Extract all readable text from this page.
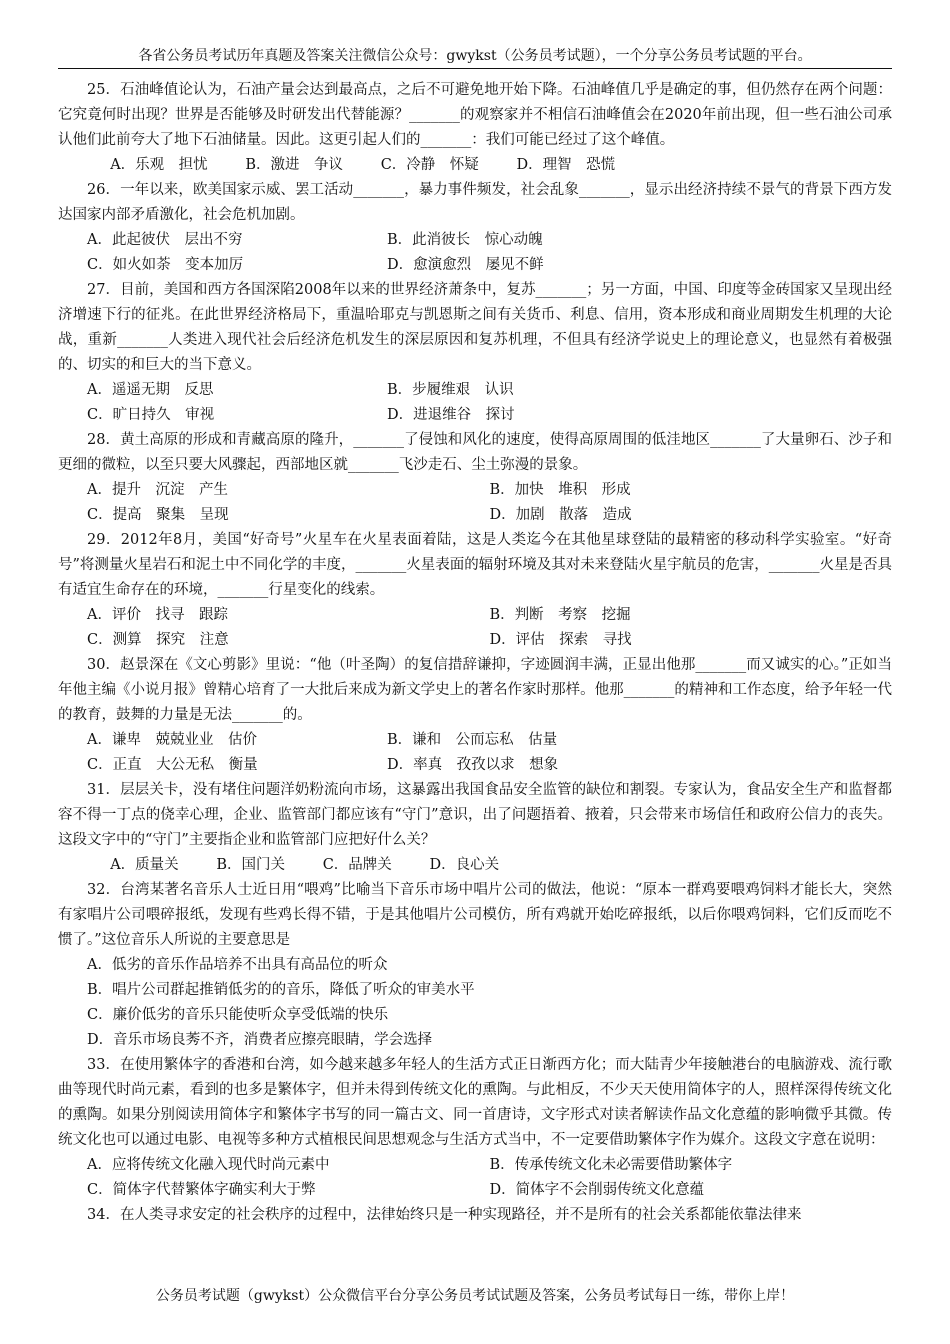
各省公务员考试历年真题及答案关注微信公众号：gwykst（公务员考试题），一个分享公务员考试题的平台。

25．石油峰值论认为，石油产量会达到最高点，之后不可避免地开始下降。石油峰值几乎是确定的事，但仍然存在两个问题：它究竟何时出现？世界是否能够及时研发出代替能源？_______的观察家并不相信石油峰值会在2020年前出现，但一些石油公司承认他们此前夸大了地下石油储量。因此。这更引起人们的_______：我们可能已经过了这个峰值。

A．乐观　担忧	B．激进　争议	C．冷静　怀疑	D．理智　恐慌

26．一年以来，欧美国家示威、罢工活动_______，暴力事件频发，社会乱象_______，显示出经济持续不景气的背景下西方发达国家内部矛盾激化，社会危机加剧。

A．此起彼伏　层出不穷	B．此消彼长　惊心动魄
C．如火如荼　变本加厉	D．愈演愈烈　屡见不鲜

27．目前，美国和西方各国深陷2008年以来的世界经济萧条中，复苏_______；另一方面，中国、印度等金砖国家又呈现出经济增速下行的征兆。在此世界经济格局下，重温哈耶克与凯恩斯之间有关货币、利息、信用，资本形成和商业周期发生机理的大论战，重新_______人类进入现代社会后经济危机发生的深层原因和复苏机理，不但具有经济学说史上的理论意义，也显然有着极强的、切实的和巨大的当下意义。

A．遥遥无期　反思	B．步履维艰　认识
C．旷日持久　审视	D．进退维谷　探讨

28．黄土高原的形成和青藏高原的隆升，_______了侵蚀和风化的速度，使得高原周围的低洼地区_______了大量卵石、沙子和更细的微粒，以至只要大风骤起，西部地区就_______飞沙走石、尘土弥漫的景象。

A．提升　沉淀　产生	B．加快　堆积　形成
C．提高　聚集　呈现	D．加剧　散落　造成

29．2012年8月，美国“好奇号”火星车在火星表面着陆，这是人类迄今在其他星球登陆的最精密的移动科学实验室。“好奇号”将测量火星岩石和泥土中不同化学的丰度，_______火星表面的辐射环境及其对未来登陆火星宇航员的危害，_______火星是否具有适宜生命存在的环境，_______行星变化的线索。

A．评价　找寻　跟踪	B．判断　考察　挖掘
C．测算　探究　注意	D．评估　探索　寻找

30．赵景深在《文心剪影》里说：“他（叶圣陶）的复信措辞谦抑，字迹圆润丰满，正显出他那_______而又诚实的心。”正如当年他主编《小说月报》曾精心培育了一大批后来成为新文学史上的著名作家时那样。他那_______的精神和工作态度，给予年轻一代的教育，鼓舞的力量是无法_______的。

A．谦卑　兢兢业业　估价	B．谦和　公而忘私　估量
C．正直　大公无私　衡量	D．率真　孜孜以求　想象

31．层层关卡，没有堵住问题洋奶粉流向市场，这暴露出我国食品安全监管的缺位和割裂。专家认为，食品安全生产和监督都容不得一丁点的侥幸心理，企业、监管部门都应该有“守门”意识，出了问题捂着、掖着，只会带来市场信任和政府公信力的丧失。这段文字中的“守门”主要指企业和监管部门应把好什么关？

A．质量关	B．国门关	C．品牌关	D．良心关

32．台湾某著名音乐人士近日用“喂鸡”比喻当下音乐市场中唱片公司的做法，他说：“原本一群鸡要喂鸡饲料才能长大，突然有家唱片公司喂碎报纸，发现有些鸡长得不错，于是其他唱片公司模仿，所有鸡就开始吃碎报纸，以后你喂鸡饲料，它们反而吃不惯了。”这位音乐人所说的主要意思是

A．低劣的音乐作品培养不出具有高品位的听众
B．唱片公司群起推销低劣的的音乐，降低了听众的审美水平
C．廉价低劣的音乐只能使听众享受低端的快乐
D．音乐市场良莠不齐，消费者应擦亮眼睛，学会选择

33．在使用繁体字的香港和台湾，如今越来越多年轻人的生活方式正日渐西方化；而大陆青少年接触港台的电脑游戏、流行歌曲等现代时尚元素，看到的也多是繁体字，但并未得到传统文化的熏陶。与此相反，不少天天使用简体字的人，照样深得传统文化的熏陶。如果分别阅读用简体字和繁体字书写的同一篇古文、同一首唐诗，文字形式对读者解读作品文化意蕴的影响微乎其微。传统文化也可以通过电影、电视等多种方式植根民间思想观念与生活方式当中，不一定要借助繁体字作为媒介。这段文字意在说明：

A．应将传统文化融入现代时尚元素中	B．传承传统文化未必需要借助繁体字
C．简体字代替繁体字确实利大于弊	D．简体字不会削弱传统文化意蕴

34．在人类寻求安定的社会秩序的过程中，法律始终只是一种实现路径，并不是所有的社会关系都能依靠法律来

公务员考试题（gwykst）公众微信平台分享公务员考试试题及答案，公务员考试每日一练，带你上岸！
